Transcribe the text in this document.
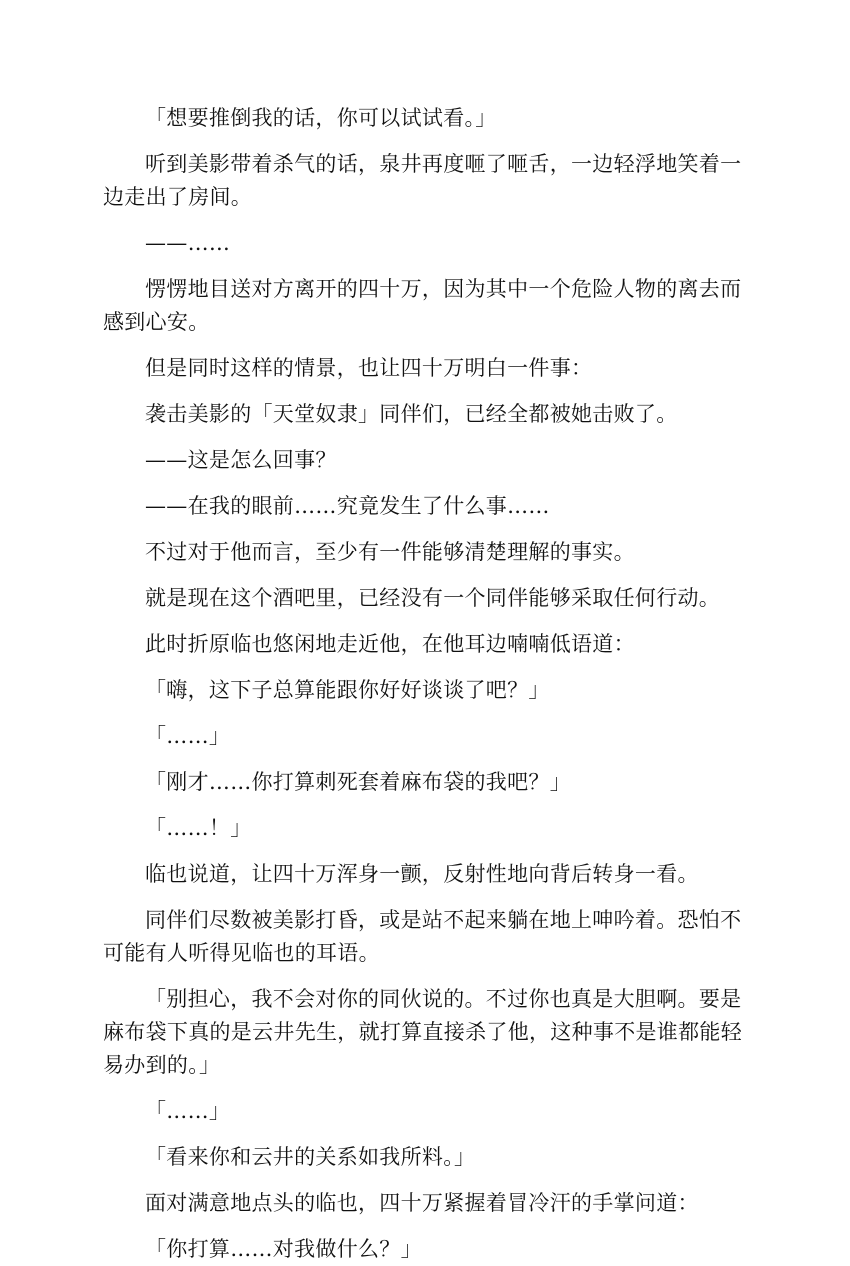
「想要推倒我的话，你可以试试看。」

听到美影带着杀气的话，泉井再度咂了咂舌，一边轻浮地笑着一边走出了房间。

——……

愣愣地目送对方离开的四十万，因为其中一个危险人物的离去而感到心安。

但是同时这样的情景，也让四十万明白一件事：

袭击美影的「天堂奴隶」同伴们，已经全都被她击败了。

——这是怎么回事？

——在我的眼前……究竟发生了什么事……

不过对于他而言，至少有一件能够清楚理解的事实。

就是现在这个酒吧里，已经没有一个同伴能够采取任何行动。

此时折原临也悠闲地走近他，在他耳边喃喃低语道：

「嗨，这下子总算能跟你好好谈谈了吧？」

「……」

「刚才……你打算刺死套着麻布袋的我吧？」

「……！」

临也说道，让四十万浑身一颤，反射性地向背后转身一看。

同伴们尽数被美影打昏，或是站不起来躺在地上呻吟着。恐怕不可能有人听得见临也的耳语。

「别担心，我不会对你的同伙说的。不过你也真是大胆啊。要是麻布袋下真的是云井先生，就打算直接杀了他，这种事不是谁都能轻易办到的。」

「……」

「看来你和云井的关系如我所料。」

面对满意地点头的临也，四十万紧握着冒冷汗的手掌问道：

「你打算……对我做什么？」
